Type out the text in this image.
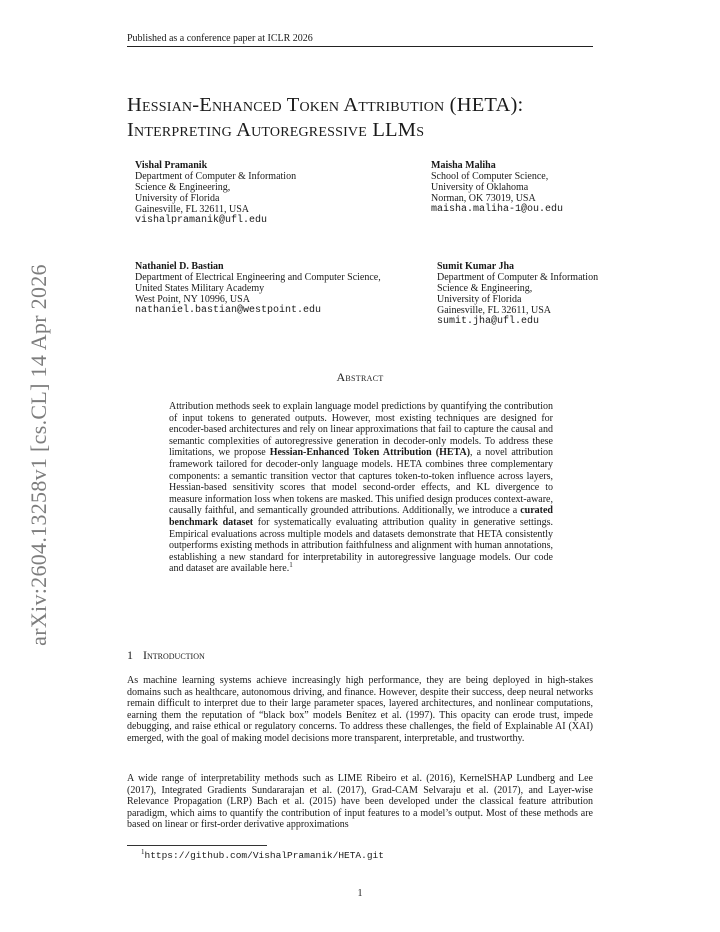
Published as a conference paper at ICLR 2026
arXiv:2604.13258v1 [cs.CL] 14 Apr 2026
Hessian-Enhanced Token Attribution (HETA):
Interpreting Autoregressive LLMs
Vishal Pramanik
Department of Computer & Information
Science & Engineering,
University of Florida
Gainesville, FL 32611, USA
vishalpramanik@ufl.edu
Maisha Maliha
School of Computer Science,
University of Oklahoma
Norman, OK 73019, USA
maisha.maliha-1@ou.edu
Nathaniel D. Bastian
Department of Electrical Engineering and Computer Science,
United States Military Academy
West Point, NY 10996, USA
nathaniel.bastian@westpoint.edu
Sumit Kumar Jha
Department of Computer & Information
Science & Engineering,
University of Florida
Gainesville, FL 32611, USA
sumit.jha@ufl.edu
Abstract
Attribution methods seek to explain language model predictions by quantifying the contribution of input tokens to generated outputs. However, most existing techniques are designed for encoder-based architectures and rely on linear approximations that fail to capture the causal and semantic complexities of autoregressive generation in decoder-only models. To address these limitations, we propose Hessian-Enhanced Token Attribution (HETA), a novel attribution framework tailored for decoder-only language models. HETA combines three complementary components: a semantic transition vector that captures token-to-token influence across layers, Hessian-based sensitivity scores that model second-order effects, and KL divergence to measure information loss when tokens are masked. This unified design produces context-aware, causally faithful, and semantically grounded attributions. Additionally, we introduce a curated benchmark dataset for systematically evaluating attribution quality in generative settings. Empirical evaluations across multiple models and datasets demonstrate that HETA consistently outperforms existing methods in attribution faithfulness and alignment with human annotations, establishing a new standard for interpretability in autoregressive language models. Our code and dataset are available here.$^1$
1 Introduction
As machine learning systems achieve increasingly high performance, they are being deployed in high-stakes domains such as healthcare, autonomous driving, and finance. However, despite their success, deep neural networks remain difficult to interpret due to their large parameter spaces, layered architectures, and nonlinear computations, earning them the reputation of “black box” models Benítez et al. (1997). This opacity can erode trust, impede debugging, and raise ethical or regulatory concerns. To address these challenges, the field of Explainable AI (XAI) emerged, with the goal of making model decisions more transparent, interpretable, and trustworthy.
A wide range of interpretability methods such as LIME Ribeiro et al. (2016), KernelSHAP Lundberg and Lee (2017), Integrated Gradients Sundararajan et al. (2017), Grad-CAM Selvaraju et al. (2017), and Layer-wise Relevance Propagation (LRP) Bach et al. (2015) have been developed under the classical feature attribution paradigm, which aims to quantify the contribution of input features to a model’s output. Most of these methods are based on linear or first-order derivative approximations
$^1$https://github.com/VishalPramanik/HETA.git
1
